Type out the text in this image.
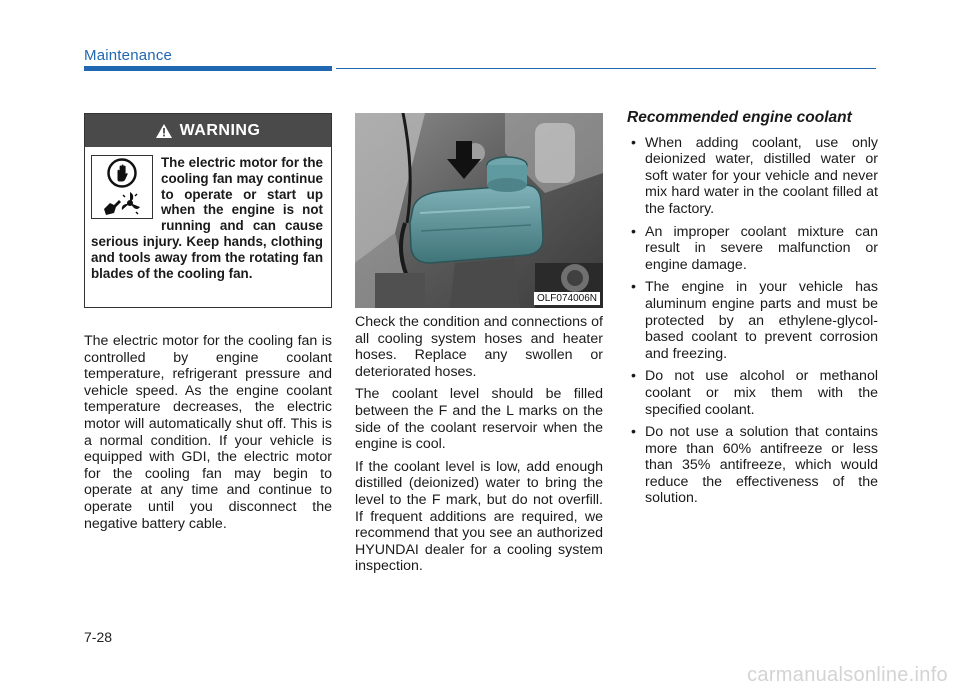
Maintenance
WARNING

The electric motor for the cooling fan may continue to operate or start up when the engine is not running and can cause serious injury. Keep hands, clothing and tools away from the rotating fan blades of the cooling fan.

The electric motor for the cooling fan is controlled by engine coolant temperature, refrigerant pressure and vehicle speed. As the engine coolant temperature decreases, the electric motor will automatically shut off. This is a normal condition. If your vehicle is equipped with GDI, the electric motor for the cooling fan may begin to operate at any time and continue to operate until you disconnect the negative battery cable.

OLF074006N

Check the condition and connections of all cooling system hoses and heater hoses. Replace any swollen or deteriorated hoses.

The coolant level should be filled between the F and the L marks on the side of the coolant reservoir when the engine is cool.

If the coolant level is low, add enough distilled (deionized) water to bring the level to the F mark, but do not overfill. If frequent additions are required, we recommend that you see an authorized HYUNDAI dealer for a cooling system inspection.

Recommended engine coolant
• When adding coolant, use only deionized water, distilled water or soft water for your vehicle and never mix hard water in the coolant filled at the factory.
• An improper coolant mixture can result in severe malfunction or engine damage.
• The engine in your vehicle has aluminum engine parts and must be protected by an ethylene-glycol-based coolant to prevent corrosion and freezing.
• Do not use alcohol or methanol coolant or mix them with the specified coolant.
• Do not use a solution that contains more than 60% antifreeze or less than 35% antifreeze, which would reduce the effectiveness of the solution.
7-28
carmanualsonline.info
